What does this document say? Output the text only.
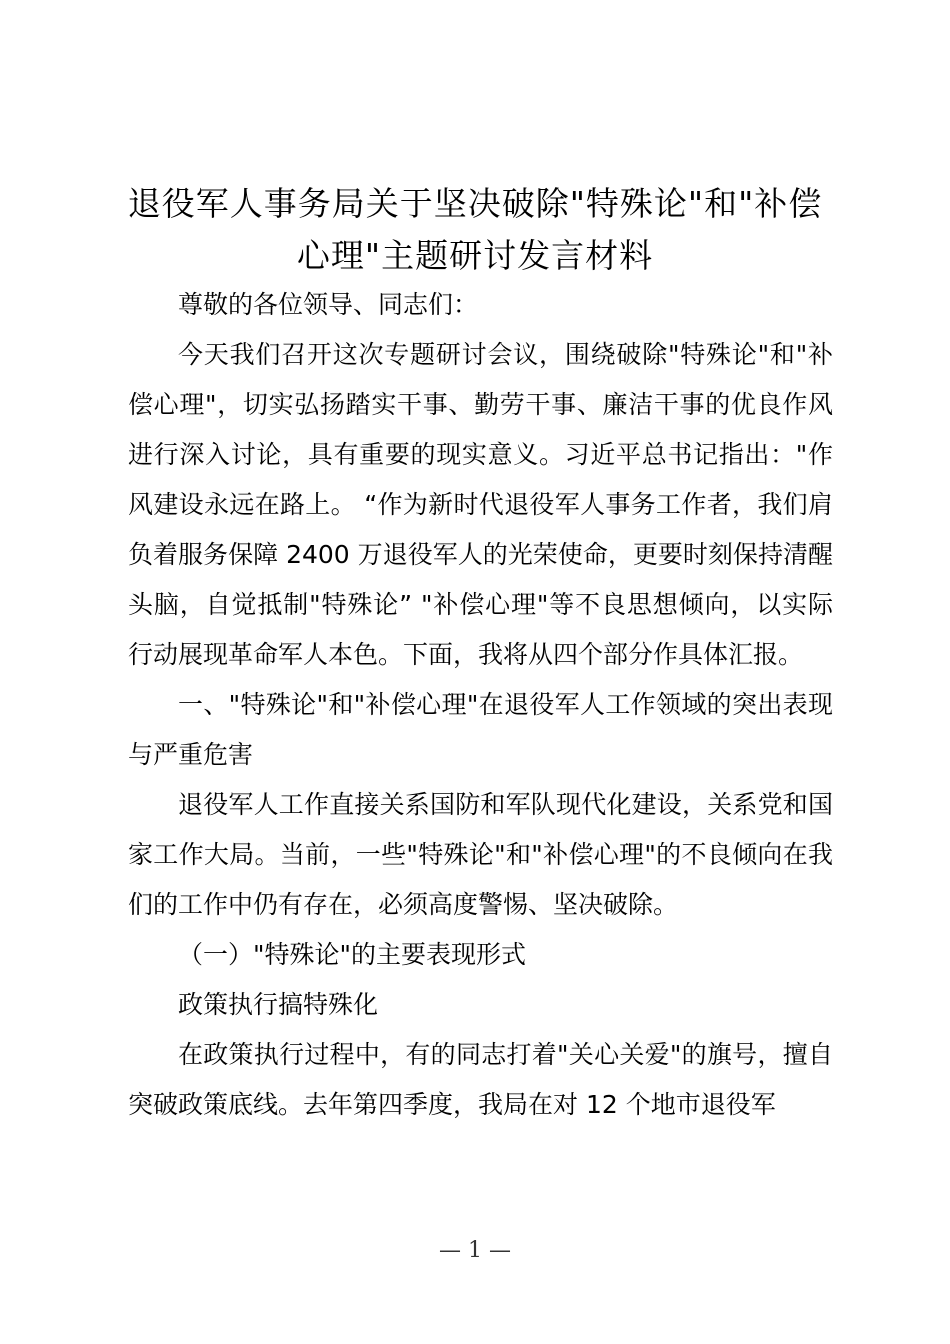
退役军人事务局关于坚决破除"特殊论"和"补偿心理"主题研讨发言材料

尊敬的各位领导、同志们：

今天我们召开这次专题研讨会议，围绕破除"特殊论"和"补偿心理"，切实弘扬踏实干事、勤劳干事、廉洁干事的优良作风进行深入讨论，具有重要的现实意义。习近平总书记指出："作风建设永远在路上。 “作为新时代退役军人事务工作者，我们肩负着服务保障 2400 万退役军人的光荣使命，更要时刻保持清醒头脑，自觉抵制"特殊论” "补偿心理"等不良思想倾向，以实际行动展现革命军人本色。下面，我将从四个部分作具体汇报。

一、"特殊论"和"补偿心理"在退役军人工作领域的突出表现与严重危害

退役军人工作直接关系国防和军队现代化建设，关系党和国家工作大局。当前，一些"特殊论"和"补偿心理"的不良倾向在我们的工作中仍有存在，必须高度警惕、坚决破除。

（一）"特殊论"的主要表现形式

政策执行搞特殊化

在政策执行过程中，有的同志打着"关心关爱"的旗号，擅自突破政策底线。去年第四季度，我局在对 12 个地市退役军

— 1 —
